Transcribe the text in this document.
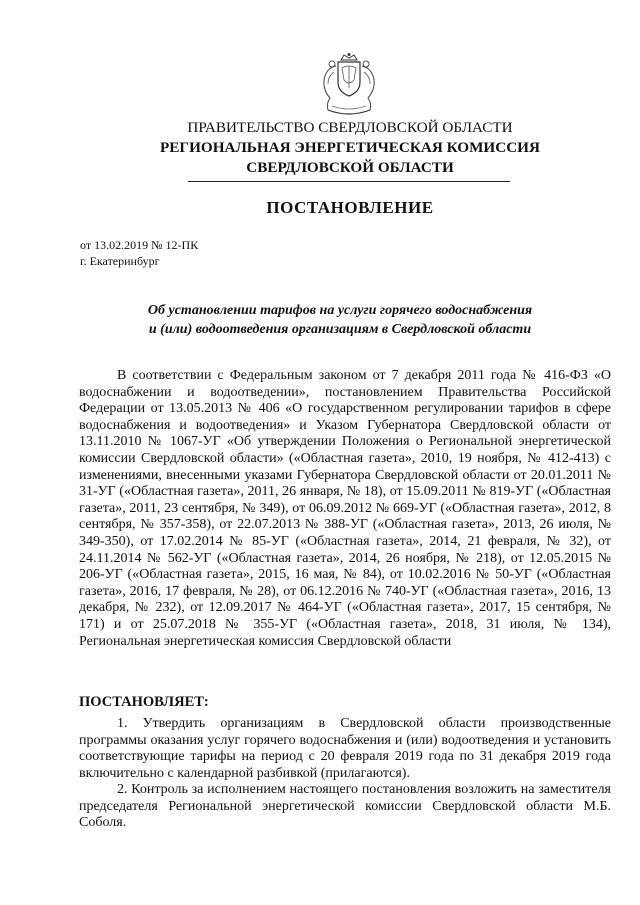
ПРАВИТЕЛЬСТВО СВЕРДЛОВСКОЙ ОБЛАСТИ
РЕГИОНАЛЬНАЯ ЭНЕРГЕТИЧЕСКАЯ КОМИССИЯ
СВЕРДЛОВСКОЙ ОБЛАСТИ
ПОСТАНОВЛЕНИЕ
от 13.02.2019 № 12-ПК
г. Екатеринбург
Об установлении тарифов на услуги горячего водоснабжения
и (или) водоотведения организациям в Свердловской области
В соответствии с Федеральным законом от 7 декабря 2011 года № 416-ФЗ «О водоснабжении и водоотведении», постановлением Правительства Российской Федерации от 13.05.2013 № 406 «О государственном регулировании тарифов в сфере водоснабжения и водоотведения» и Указом Губернатора Свердловской области от 13.11.2010 № 1067-УГ «Об утверждении Положения о Региональной энергетической комиссии Свердловской области» («Областная газета», 2010, 19 ноября, № 412-413) с изменениями, внесенными указами Губернатора Свердловской области от 20.01.2011 № 31-УГ («Областная газета», 2011, 26 января, № 18), от 15.09.2011 № 819-УГ («Областная газета», 2011, 23 сентября, № 349), от 06.09.2012 № 669-УГ («Областная газета», 2012, 8 сентября, № 357-358), от 22.07.2013 № 388-УГ («Областная газета», 2013, 26 июля, № 349-350), от 17.02.2014 № 85-УГ («Областная газета», 2014, 21 февраля, № 32), от 24.11.2014 № 562-УГ («Областная газета», 2014, 26 ноября, № 218), от 12.05.2015 № 206-УГ («Областная газета», 2015, 16 мая, № 84), от 10.02.2016 № 50-УГ («Областная газета», 2016, 17 февраля, № 28), от 06.12.2016 № 740-УГ («Областная газета», 2016, 13 декабря, № 232), от 12.09.2017 № 464-УГ («Областная газета», 2017, 15 сентября, № 171) и от 25.07.2018 № 355-УГ («Областная газета», 2018, 31 июля, № 134), Региональная энергетическая комиссия Свердловской области
ПОСТАНОВЛЯЕТ:
1. Утвердить организациям в Свердловской области производственные программы оказания услуг горячего водоснабжения и (или) водоотведения и установить соответствующие тарифы на период с 20 февраля 2019 года по 31 декабря 2019 года включительно с календарной разбивкой (прилагаются).
2. Контроль за исполнением настоящего постановления возложить на заместителя председателя Региональной энергетической комиссии Свердловской области М.Б. Соболя.
